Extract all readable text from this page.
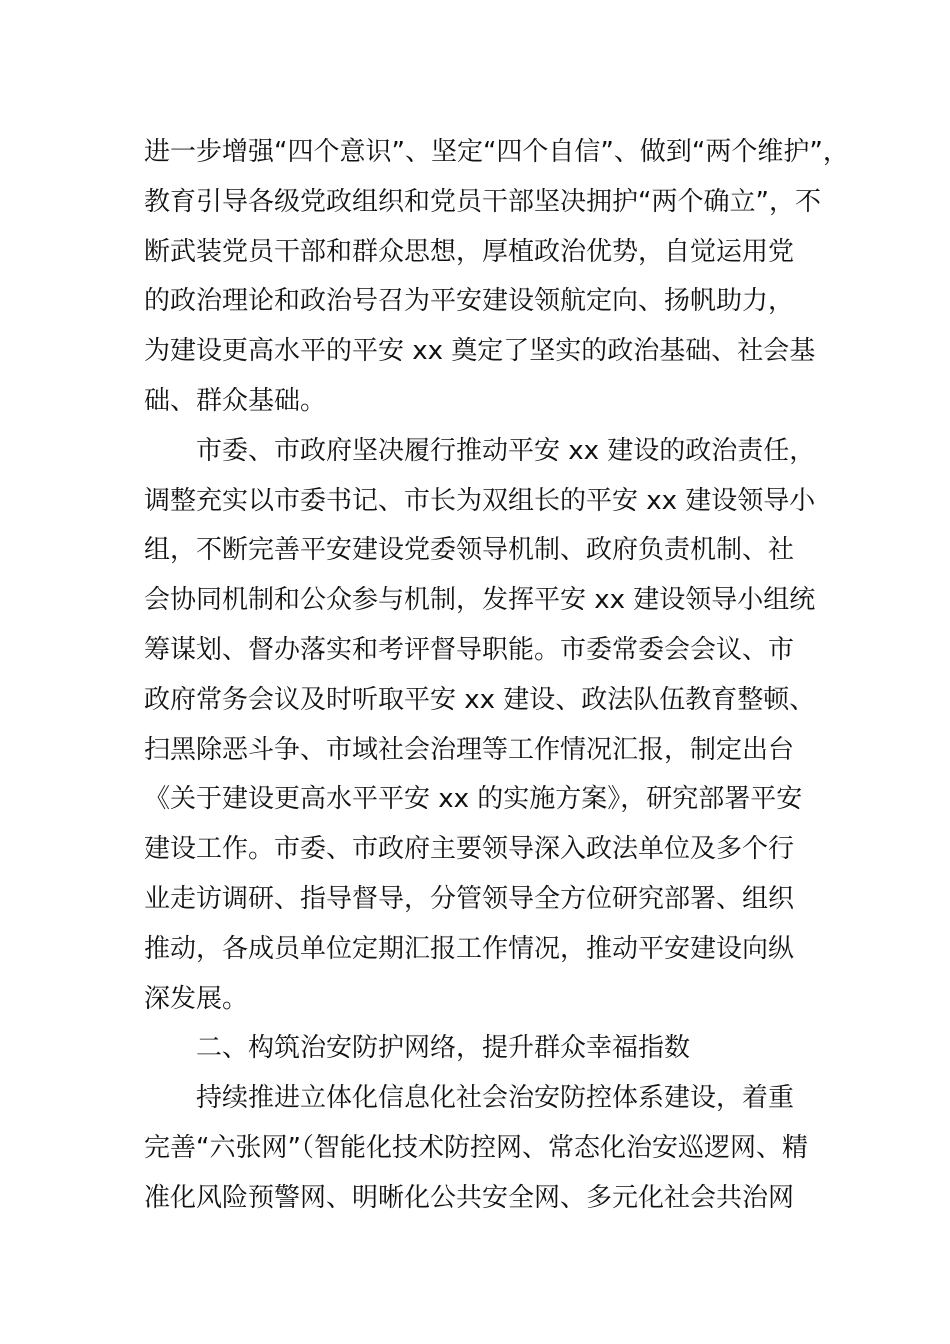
进一步增强“四个意识”、坚定“四个自信”、做到“两个维护”，
教育引导各级党政组织和党员干部坚决拥护“两个确立”，不
断武装党员干部和群众思想，厚植政治优势，自觉运用党
的政治理论和政治号召为平安建设领航定向、扬帆助力，
为建设更高水平的平安 xx 奠定了坚实的政治基础、社会基
础、群众基础。
市委、市政府坚决履行推动平安 xx 建设的政治责任，
调整充实以市委书记、市长为双组长的平安 xx 建设领导小
组，不断完善平安建设党委领导机制、政府负责机制、社
会协同机制和公众参与机制，发挥平安 xx 建设领导小组统
筹谋划、督办落实和考评督导职能。市委常委会会议、市
政府常务会议及时听取平安 xx 建设、政法队伍教育整顿、
扫黑除恶斗争、市域社会治理等工作情况汇报，制定出台
《关于建设更高水平平安 xx 的实施方案》，研究部署平安
建设工作。市委、市政府主要领导深入政法单位及多个行
业走访调研、指导督导，分管领导全方位研究部署、组织
推动，各成员单位定期汇报工作情况，推动平安建设向纵
深发展。
二、构筑治安防护网络，提升群众幸福指数
持续推进立体化信息化社会治安防控体系建设，着重
完善“六张网”（智能化技术防控网、常态化治安巡逻网、精
准化风险预警网、明晰化公共安全网、多元化社会共治网
